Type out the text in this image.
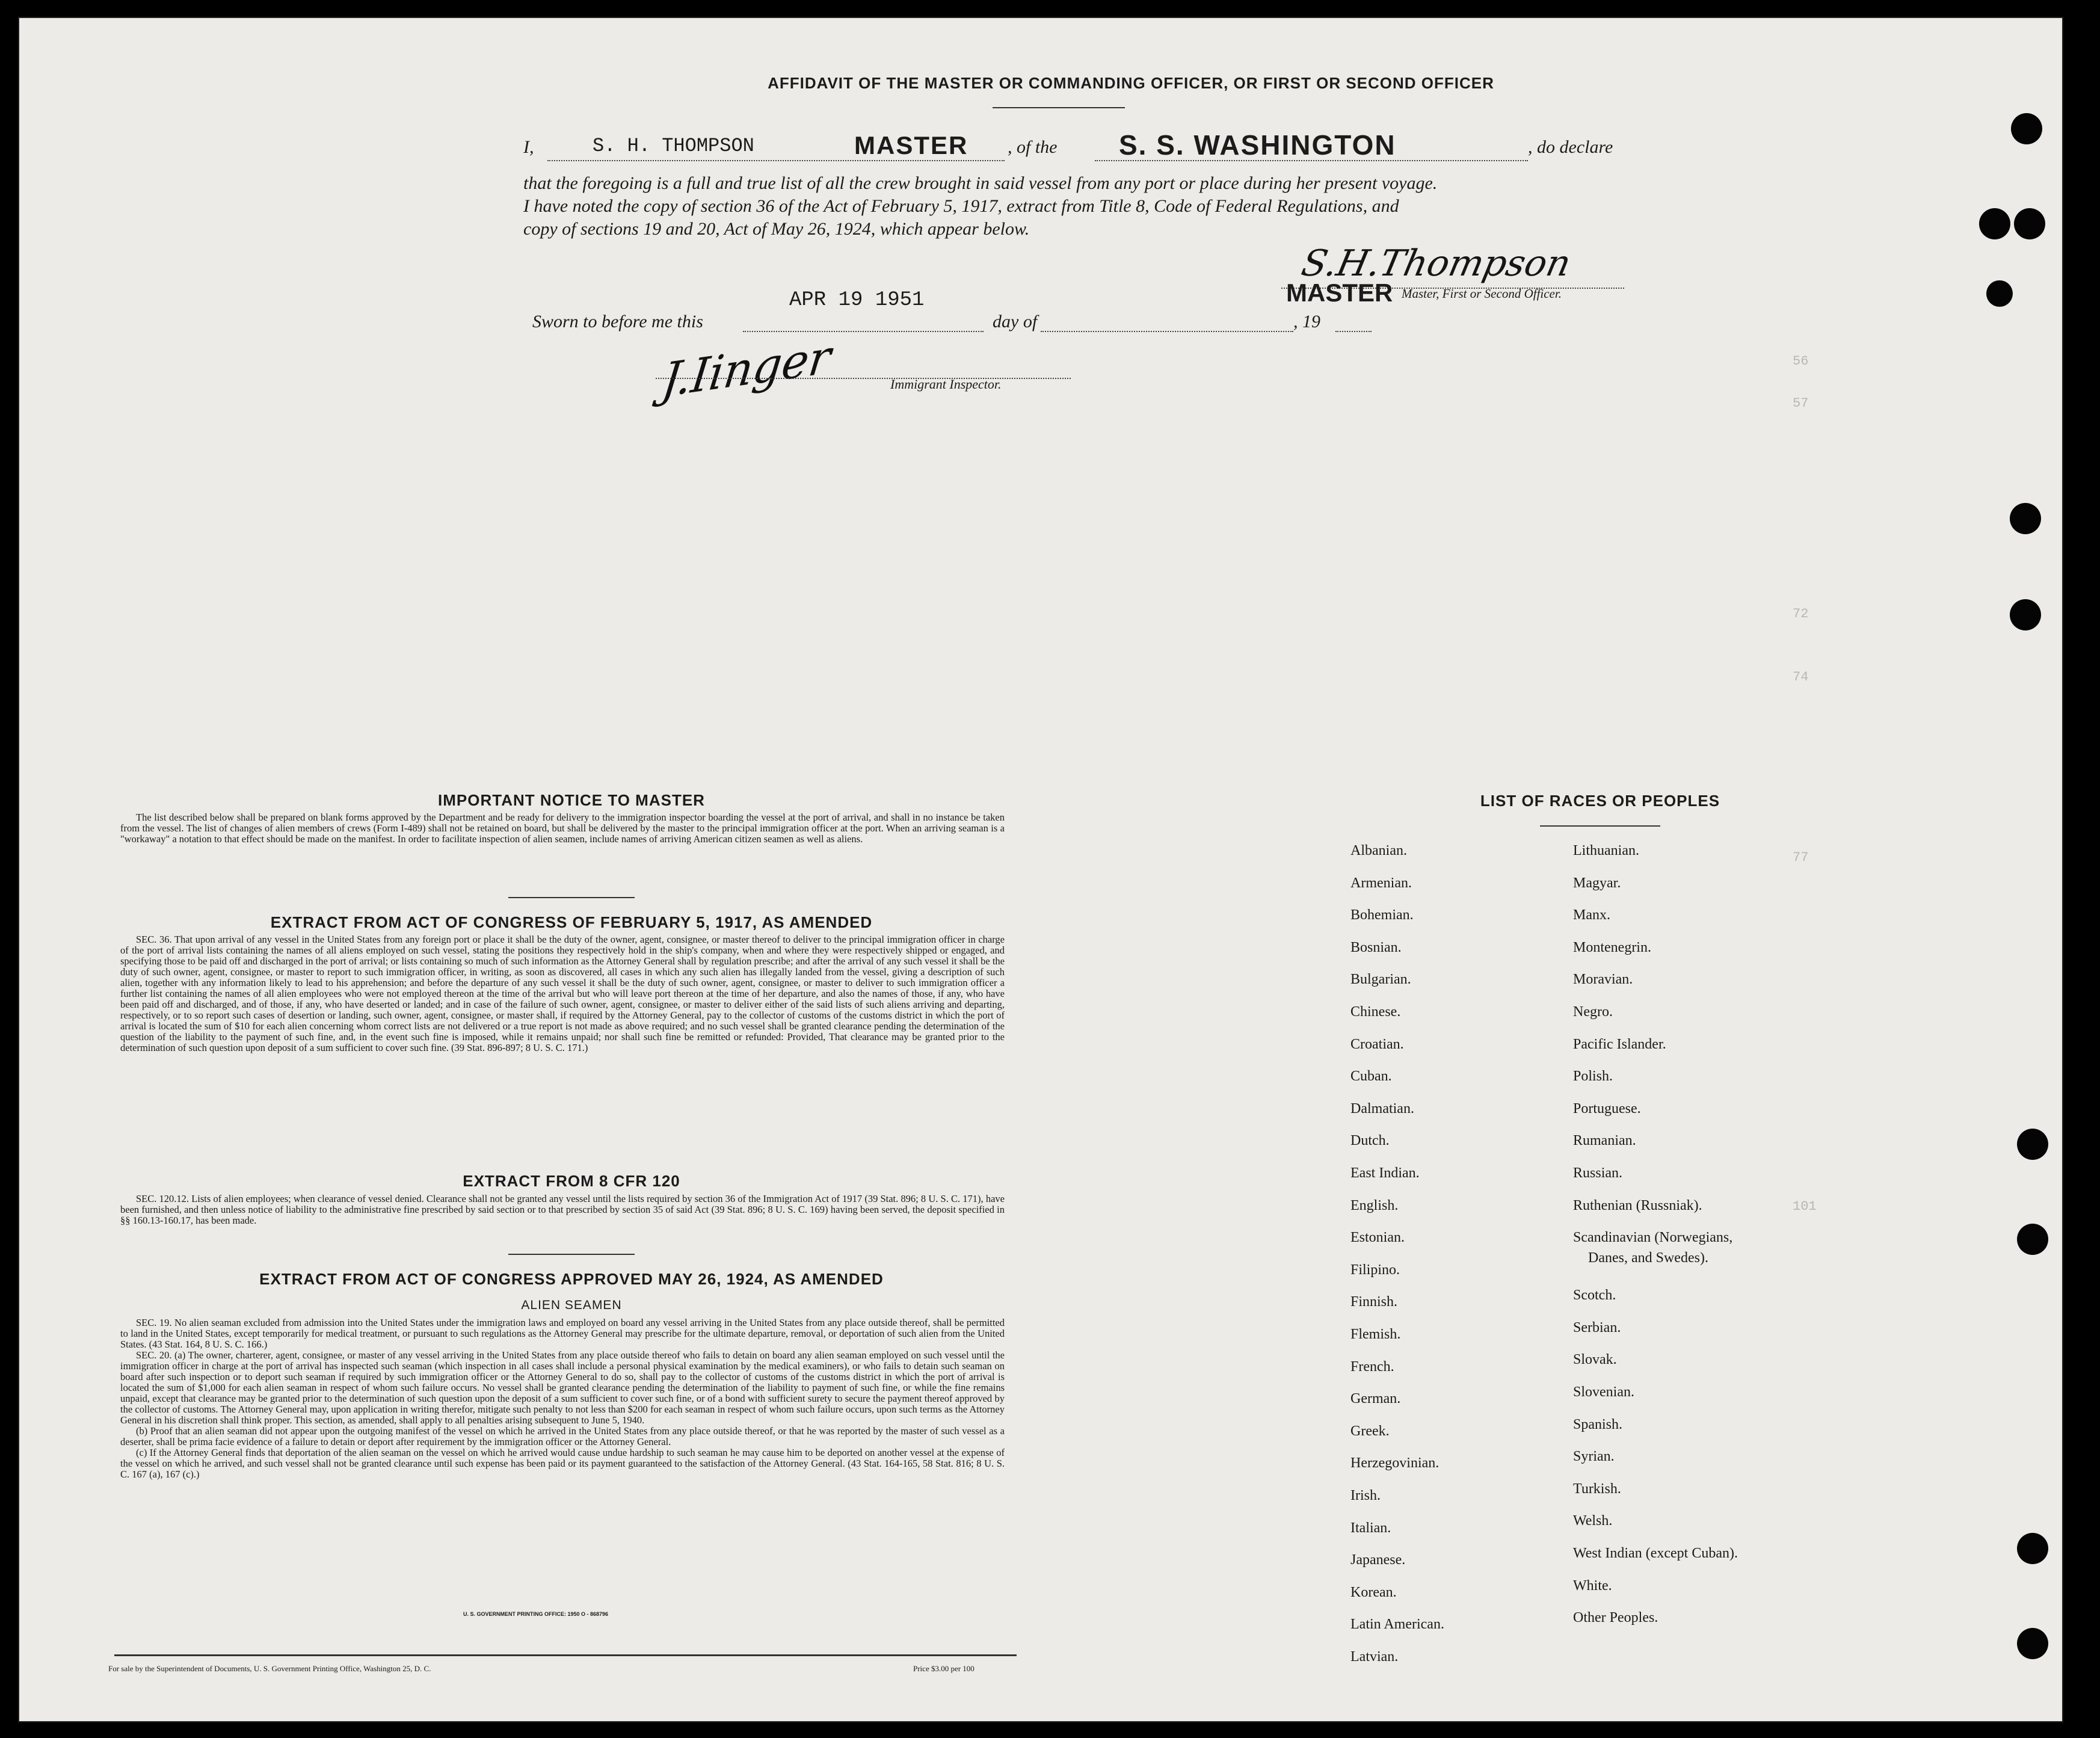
56
57
72
74
77
101
AFFIDAVIT OF THE MASTER OR COMMANDING OFFICER, OR FIRST OR SECOND OFFICER
I,	S. H. THOMPSON	MASTER , of the S. S. WASHINGTON	, do declare
that the foregoing is a full and true list of all the crew brought in said vessel from any port or place during her present voyage.
I have noted the copy of section 36 of the Act of February 5, 1917, extract from Title 8, Code of Federal Regulations, and
copy of sections 19 and 20, Act of May 26, 1924, which appear below.
S.H.Thompson
MASTER Master, First or Second Officer.
Sworn to before me this
APR 19 1951
day of	, 19
J.Iinger	Immigrant Inspector.
IMPORTANT NOTICE TO MASTER

The list described below shall be prepared on blank forms approved by the Department and be ready for delivery to the immigration inspector boarding the vessel at the port of arrival, and shall in no instance be taken from the vessel. The list of changes of alien members of crews (Form I-489) shall not be retained on board, but shall be delivered by the master to the principal immigration officer at the port. When an arriving seaman is a "workaway" a notation to that effect should be made on the manifest. In order to facilitate inspection of alien seamen, include names of arriving American citizen seamen as well as aliens.

EXTRACT FROM ACT OF CONGRESS OF FEBRUARY 5, 1917, AS AMENDED

SEC. 36. That upon arrival of any vessel in the United States from any foreign port or place it shall be the duty of the owner, agent, consignee, or master thereof to deliver to the principal immigration officer in charge of the port of arrival lists containing the names of all aliens employed on such vessel, stating the positions they respectively hold in the ship's company, when and where they were respectively shipped or engaged, and specifying those to be paid off and discharged in the port of arrival; or lists containing so much of such information as the Attorney General shall by regulation prescribe; and after the arrival of any such vessel it shall be the duty of such owner, agent, consignee, or master to report to such immigration officer, in writing, as soon as discovered, all cases in which any such alien has illegally landed from the vessel, giving a description of such alien, together with any information likely to lead to his apprehension; and before the departure of any such vessel it shall be the duty of such owner, agent, consignee, or master to deliver to such immigration officer a further list containing the names of all alien employees who were not employed thereon at the time of the arrival but who will leave port thereon at the time of her departure, and also the names of those, if any, who have been paid off and discharged, and of those, if any, who have deserted or landed; and in case of the failure of such owner, agent, consignee, or master to deliver either of the said lists of such aliens arriving and departing, respectively, or to so report such cases of desertion or landing, such owner, agent, consignee, or master shall, if required by the Attorney General, pay to the collector of customs of the customs district in which the port of arrival is located the sum of $10 for each alien concerning whom correct lists are not delivered or a true report is not made as above required; and no such vessel shall be granted clearance pending the determination of the question of the liability to the payment of such fine, and, in the event such fine is imposed, while it remains unpaid; nor shall such fine be remitted or refunded: Provided, That clearance may be granted prior to the determination of such question upon deposit of a sum sufficient to cover such fine. (39 Stat. 896-897; 8 U. S. C. 171.)

EXTRACT FROM 8 CFR 120

SEC. 120.12. Lists of alien employees; when clearance of vessel denied. Clearance shall not be granted any vessel until the lists required by section 36 of the Immigration Act of 1917 (39 Stat. 896; 8 U. S. C. 171), have been furnished, and then unless notice of liability to the administrative fine prescribed by said section or to that prescribed by section 35 of said Act (39 Stat. 896; 8 U. S. C. 169) having been served, the deposit specified in §§ 160.13-160.17, has been made.

EXTRACT FROM ACT OF CONGRESS APPROVED MAY 26, 1924, AS AMENDED
ALIEN SEAMEN

SEC. 19. No alien seaman excluded from admission into the United States under the immigration laws and employed on board any vessel arriving in the United States from any place outside thereof, shall be permitted to land in the United States, except temporarily for medical treatment, or pursuant to such regulations as the Attorney General may prescribe for the ultimate departure, removal, or deportation of such alien from the United States. (43 Stat. 164, 8 U. S. C. 166.)

SEC. 20. (a) The owner, charterer, agent, consignee, or master of any vessel arriving in the United States from any place outside thereof who fails to detain on board any alien seaman employed on such vessel until the immigration officer in charge at the port of arrival has inspected such seaman (which inspection in all cases shall include a personal physical examination by the medical examiners), or who fails to detain such seaman on board after such inspection or to deport such seaman if required by such immigration officer or the Attorney General to do so, shall pay to the collector of customs of the customs district in which the port of arrival is located the sum of $1,000 for each alien seaman in respect of whom such failure occurs. No vessel shall be granted clearance pending the determination of the liability to payment of such fine, or while the fine remains unpaid, except that clearance may be granted prior to the determination of such question upon the deposit of a sum sufficient to cover such fine, or of a bond with sufficient surety to secure the payment thereof approved by the collector of customs. The Attorney General may, upon application in writing therefor, mitigate such penalty to not less than $200 for each seaman in respect of whom such failure occurs, upon such terms as the Attorney General in his discretion shall think proper. This section, as amended, shall apply to all penalties arising subsequent to June 5, 1940.

(b) Proof that an alien seaman did not appear upon the outgoing manifest of the vessel on which he arrived in the United States from any place outside thereof, or that he was reported by the master of such vessel as a deserter, shall be prima facie evidence of a failure to detain or deport after requirement by the immigration officer or the Attorney General.

(c) If the Attorney General finds that deportation of the alien seaman on the vessel on which he arrived would cause undue hardship to such seaman he may cause him to be deported on another vessel at the expense of the vessel on which he arrived, and such vessel shall not be granted clearance until such expense has been paid or its payment guaranteed to the satisfaction of the Attorney General. (43 Stat. 164-165, 58 Stat. 816; 8 U. S. C. 167 (a), 167 (c).)

U. S. GOVERNMENT PRINTING OFFICE: 1950 O - 868796
For sale by the Superintendent of Documents, U. S. Government Printing Office, Washington 25, D. C.	Price $3.00 per 100
LIST OF RACES OR PEOPLES
Albanian.
Armenian.
Bohemian.
Bosnian.
Bulgarian.
Chinese.
Croatian.
Cuban.
Dalmatian.
Dutch.
East Indian.
English.
Estonian.
Filipino.
Finnish.
Flemish.
French.
German.
Greek.
Herzegovinian.
Irish.
Italian.
Japanese.
Korean.
Latin American.
Latvian.
Lithuanian.
Magyar.
Manx.
Montenegrin.
Moravian.
Negro.
Pacific Islander.
Polish.
Portuguese.
Rumanian.
Russian.
Ruthenian (Russniak).
Scandinavian (Norwegians,
Danes, and Swedes).
Scotch.
Serbian.
Slovak.
Slovenian.
Spanish.
Syrian.
Turkish.
Welsh.
West Indian (except Cuban).
White.
Other Peoples.
